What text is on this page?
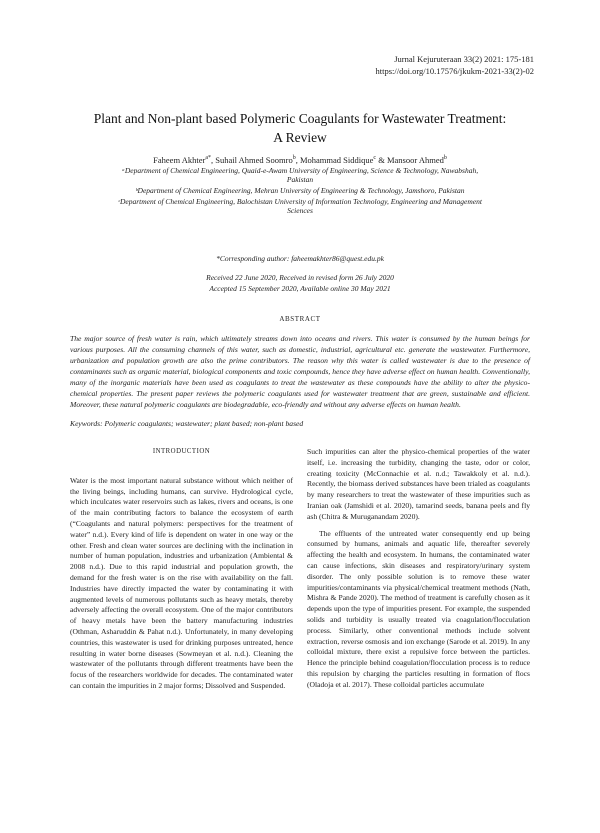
Jurnal Kejuruteraan 33(2) 2021: 175-181
https://doi.org/10.17576/jkukm-2021-33(2)-02
Plant and Non-plant based Polymeric Coagulants for Wastewater Treatment:
A Review
Faheem Akhter$^{a*}$, Suhail Ahmed Soomro$^b$, Mohammad Siddique$^c$ & Mansoor Ahmed$^b$
ᵃDepartment of Chemical Engineering, Quaid-e-Awam University of Engineering, Science & Technology, Nawabshah, Pakistan
ᵇDepartment of Chemical Engineering, Mehran University of Engineering & Technology, Jamshoro, Pakistan
ᶜDepartment of Chemical Engineering, Balochistan University of Information Technology, Engineering and Management Sciences
*Corresponding author: faheemakhter86@quest.edu.pk
Received 22 June 2020, Received in revised form 26 July 2020
Accepted 15 September 2020, Available online 30 May 2021
ABSTRACT
The major source of fresh water is rain, which ultimately streams down into oceans and rivers. This water is consumed by the human beings for various purposes. All the consuming channels of this water, such as domestic, industrial, agricultural etc. generate the wastewater. Furthermore, urbanization and population growth are also the prime contributors. The reason why this water is called wastewater is due to the presence of contaminants such as organic material, biological components and toxic compounds, hence they have adverse effect on human health. Conventionally, many of the inorganic materials have been used as coagulants to treat the wastewater as these compounds have the ability to alter the physico-chemical properties. The present paper reviews the polymeric coagulants used for wastewater treatment that are green, sustainable and efficient. Moreover, these natural polymeric coagulants are biodegradable, eco-friendly and without any adverse effects on human health.
Keywords: Polymeric coagulants; wastewater; plant based; non-plant based
INTRODUCTION

Water is the most important natural substance without which neither of the living beings, including humans, can survive. Hydrological cycle, which inculcates water reservoirs such as lakes, rivers and oceans, is one of the main contributing factors to balance the ecosystem of earth (“Coagulants and natural polymers: perspectives for the treatment of water” n.d.). Every kind of life is dependent on water in one way or the other. Fresh and clean water sources are declining with the inclination in number of human population, industries and urbanization (Ambiental & 2008 n.d.). Due to this rapid industrial and population growth, the demand for the fresh water is on the rise with availability on the fall. Industries have directly impacted the water by contaminating it with augmented levels of numerous pollutants such as heavy metals, thereby adversely affecting the overall ecosystem. One of the major contributors of heavy metals have been the battery manufacturing industries (Othman, Asharuddin & Pahat n.d.). Unfortunately, in many developing countries, this wastewater is used for drinking purposes untreated, hence resulting in water borne diseases (Sowmeyan et al. n.d.). Cleaning the wastewater of the pollutants through different treatments have been the focus of the researchers worldwide for decades. The contaminated water can contain the impurities in 2 major forms; Dissolved and Suspended.

Such impurities can alter the physico-chemical properties of the water itself, i.e. increasing the turbidity, changing the taste, odor or color, creating toxicity (McConnachie et al. n.d.; Tawakkoly et al. n.d.). Recently, the biomass derived substances have been trialed as coagulants by many researchers to treat the wastewater of these impurities such as Iranian oak (Jamshidi et al. 2020), tamarind seeds, banana peels and fly ash (Chitra & Muruganandam 2020).

The effluents of the untreated water consequently end up being consumed by humans, animals and aquatic life, thereafter severely affecting the health and ecosystem. In humans, the contaminated water can cause infections, skin diseases and respiratory/urinary system disorder. The only possible solution is to remove these water impurities/contaminants via physical/chemical treatment methods (Nath, Mishra & Pande 2020). The method of treatment is carefully chosen as it depends upon the type of impurities present. For example, the suspended solids and turbidity is usually treated via coagulation/flocculation process. Similarly, other conventional methods include solvent extraction, reverse osmosis and ion exchange (Sarode et al. 2019). In any colloidal mixture, there exist a repulsive force between the particles. Hence the principle behind coagulation/flocculation process is to reduce this repulsion by charging the particles resulting in formation of flocs (Oladoja et al. 2017). These colloidal particles accumulate
